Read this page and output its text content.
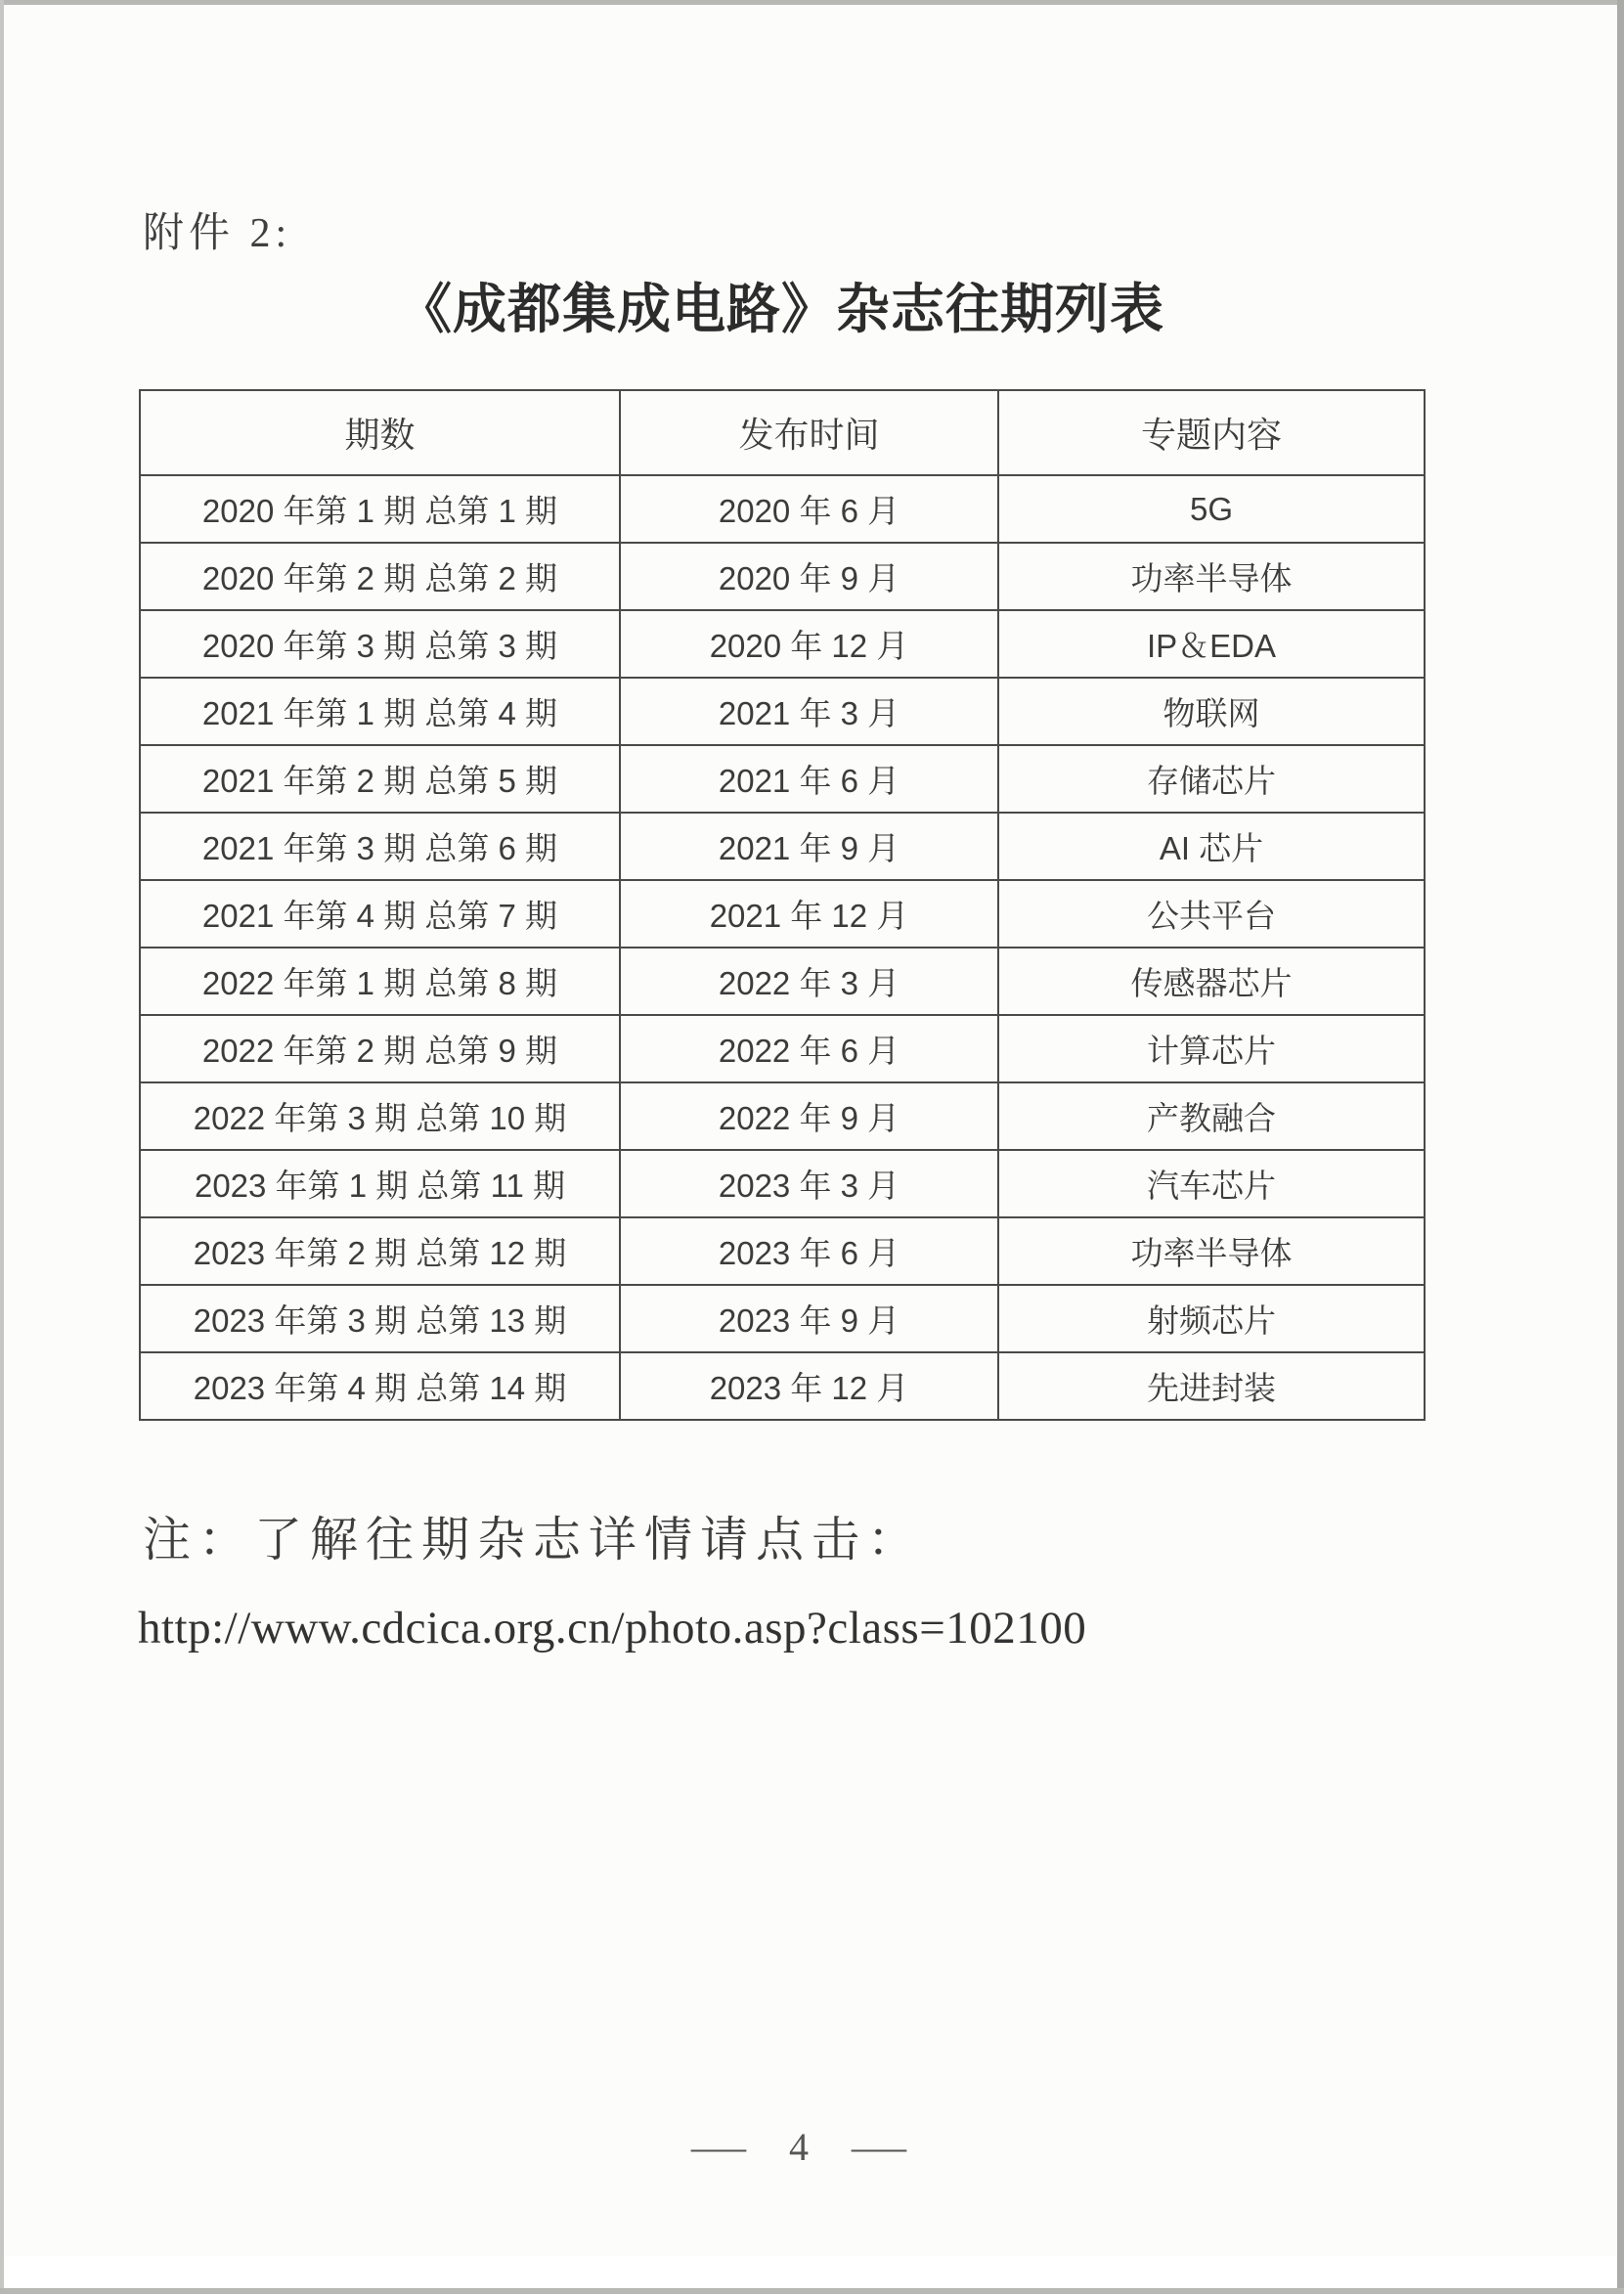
附件 2:
《成都集成电路》杂志往期列表
期数	发布时间	专题内容
2020 年第 1 期 总第 1 期	2020 年 6 月	5G
2020 年第 2 期 总第 2 期	2020 年 9 月	功率半导体
2020 年第 3 期 总第 3 期	2020 年 12 月	IP＆EDA
2021 年第 1 期 总第 4 期	2021 年 3 月	物联网
2021 年第 2 期 总第 5 期	2021 年 6 月	存储芯片
2021 年第 3 期 总第 6 期	2021 年 9 月	AI 芯片
2021 年第 4 期 总第 7 期	2021 年 12 月	公共平台
2022 年第 1 期 总第 8 期	2022 年 3 月	传感器芯片
2022 年第 2 期 总第 9 期	2022 年 6 月	计算芯片
2022 年第 3 期 总第 10 期	2022 年 9 月	产教融合
2023 年第 1 期 总第 11 期	2023 年 3 月	汽车芯片
2023 年第 2 期 总第 12 期	2023 年 6 月	功率半导体
2023 年第 3 期 总第 13 期	2023 年 9 月	射频芯片
2023 年第 4 期 总第 14 期	2023 年 12 月	先进封装
注：了解往期杂志详情请点击：
http://www.cdcica.org.cn/photo.asp?class=102100
— 4 —
